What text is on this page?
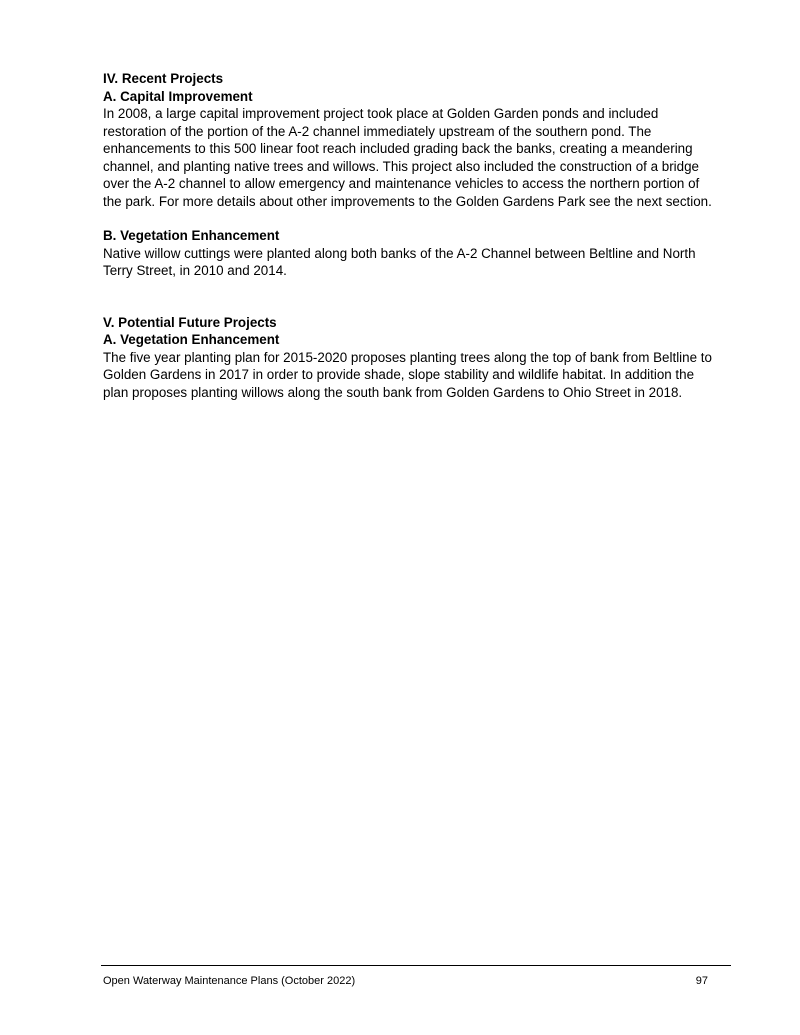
IV. Recent Projects
A. Capital Improvement

In 2008, a large capital improvement project took place at Golden Garden ponds and included restoration of the portion of the A-2 channel immediately upstream of the southern pond. The enhancements to this 500 linear foot reach included grading back the banks, creating a meandering channel, and planting native trees and willows. This project also included the construction of a bridge over the A-2 channel to allow emergency and maintenance vehicles to access the northern portion of the park. For more details about other improvements to the Golden Gardens Park see the next section.

B. Vegetation Enhancement

Native willow cuttings were planted along both banks of the A-2 Channel between Beltline and North Terry Street, in 2010 and 2014.

V. Potential Future Projects
A. Vegetation Enhancement

The five year planting plan for 2015-2020 proposes planting trees along the top of bank from Beltline to Golden Gardens in 2017 in order to provide shade, slope stability and wildlife habitat. In addition the plan proposes planting willows along the south bank from Golden Gardens to Ohio Street in 2018.

Open Waterway Maintenance Plans (October 2022)	97
